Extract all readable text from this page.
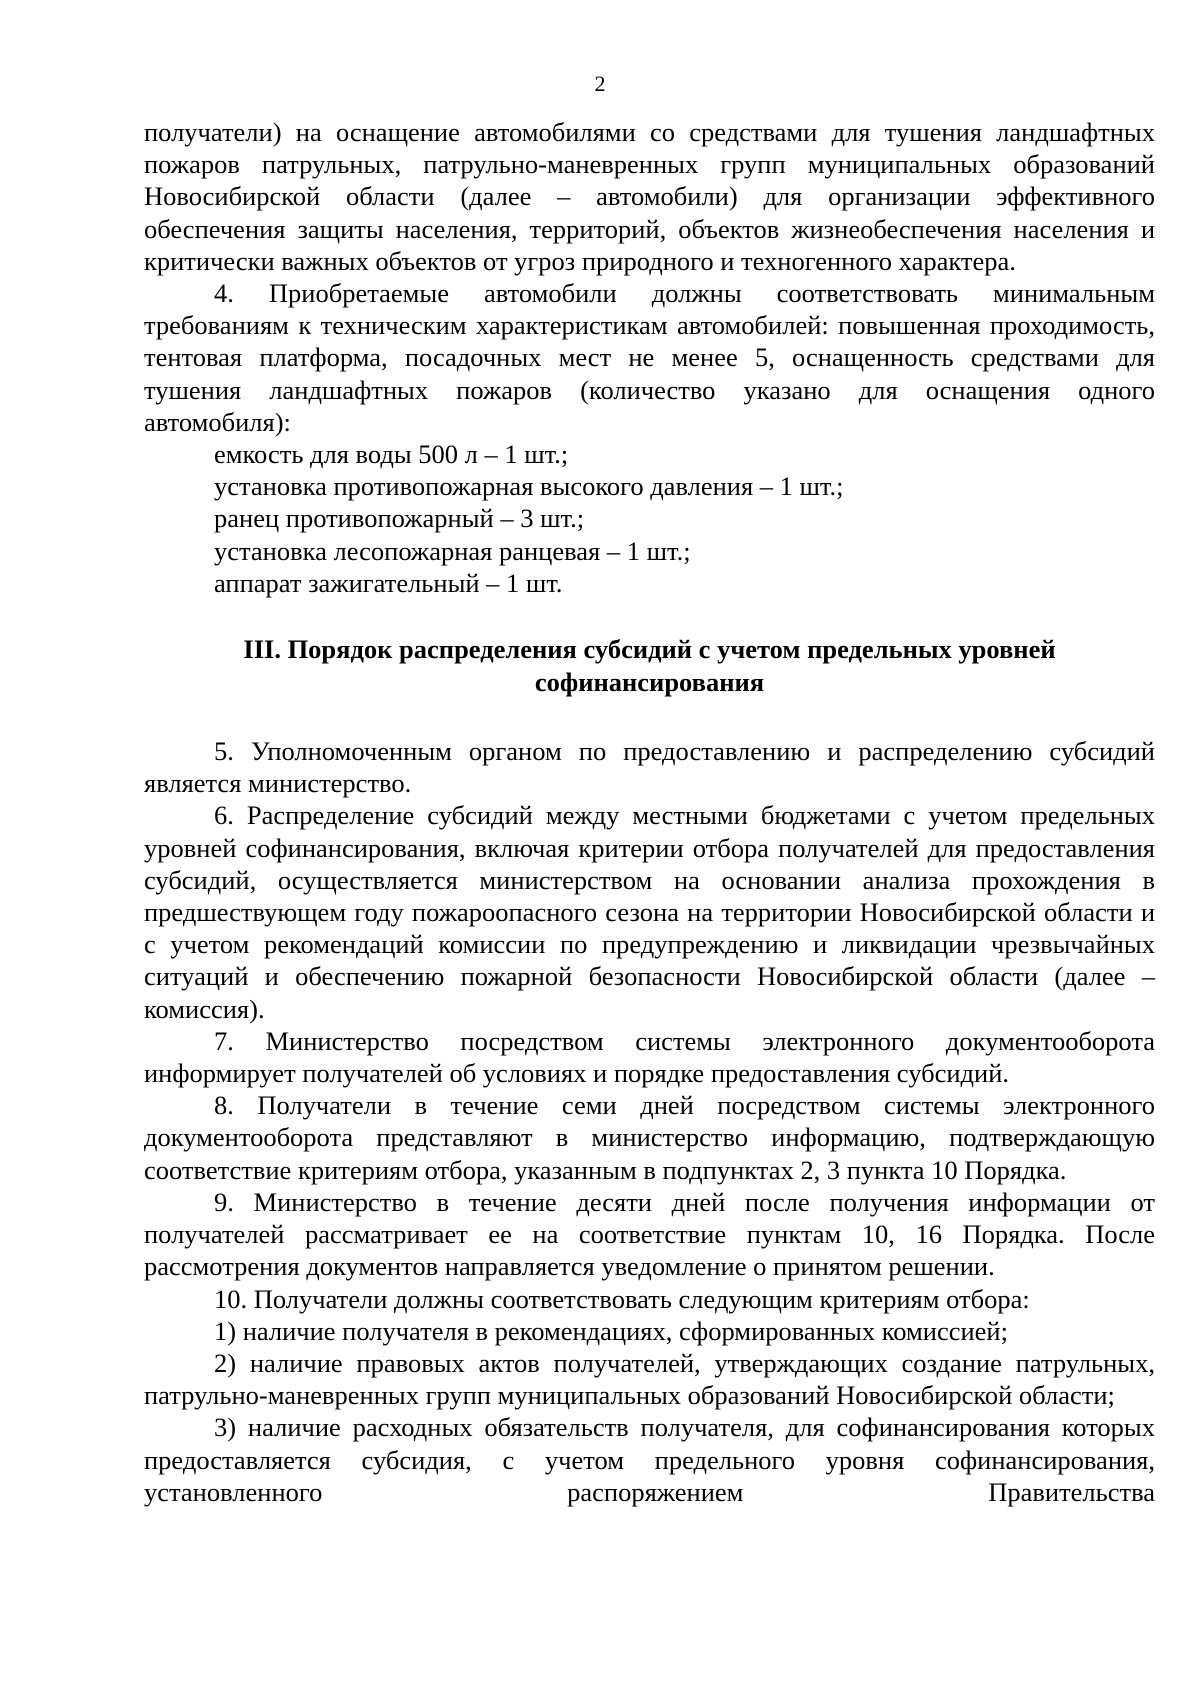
2

получатели) на оснащение автомобилями со средствами для тушения ландшафтных пожаров патрульных, патрульно-маневренных групп муниципальных образований Новосибирской области (далее – автомобили) для организации эффективного обеспечения защиты населения, территорий, объектов жизнеобеспечения населения и критически важных объектов от угроз природного и техногенного характера.

4. Приобретаемые автомобили должны соответствовать минимальным требованиям к техническим характеристикам автомобилей: повышенная проходимость, тентовая платформа, посадочных мест не менее 5, оснащенность средствами для тушения ландшафтных пожаров (количество указано для оснащения одного автомобиля):

емкость для воды 500 л – 1 шт.;

установка противопожарная высокого давления – 1 шт.;

ранец противопожарный – 3 шт.;

установка лесопожарная ранцевая – 1 шт.;

аппарат зажигательный – 1 шт.

III. Порядок распределения субсидий с учетом предельных уровней

софинансирования

5. Уполномоченным органом по предоставлению и распределению субсидий является министерство.

6. Распределение субсидий между местными бюджетами с учетом предельных уровней софинансирования, включая критерии отбора получателей для предоставления субсидий, осуществляется министерством на основании анализа прохождения в предшествующем году пожароопасного сезона на территории Новосибирской области и с учетом рекомендаций комиссии по предупреждению и ликвидации чрезвычайных ситуаций и обеспечению пожарной безопасности Новосибирской области (далее – комиссия).

7. Министерство посредством системы электронного документооборота информирует получателей об условиях и порядке предоставления субсидий.

8. Получатели в течение семи дней посредством системы электронного документооборота представляют в министерство информацию, подтверждающую соответствие критериям отбора, указанным в подпунктах 2, 3 пункта 10 Порядка.

9. Министерство в течение десяти дней после получения информации от получателей рассматривает ее на соответствие пунктам 10, 16 Порядка. После рассмотрения документов направляется уведомление о принятом решении.

10. Получатели должны соответствовать следующим критериям отбора:

1) наличие получателя в рекомендациях, сформированных комиссией;

2) наличие правовых актов получателей, утверждающих создание патрульных, патрульно-маневренных групп муниципальных образований Новосибирской области;

3) наличие расходных обязательств получателя, для софинансирования которых предоставляется субсидия, с учетом предельного уровня софинансирования, установленного распоряжением Правительства
